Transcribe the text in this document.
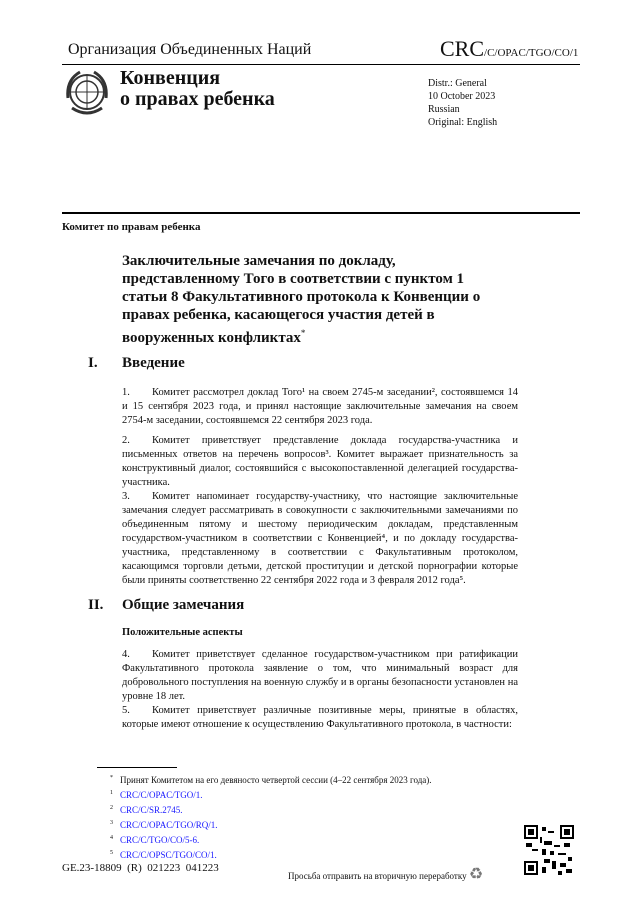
Организация Объединенных Наций	CRC/C/OPAC/TGO/CO/1
Конвенция
о правах ребенка
Distr.: General
10 October 2023
Russian
Original: English
Комитет по правам ребенка
Заключительные замечания по докладу, представленному Того в соответствии с пунктом 1 статьи 8 Факультативного протокола к Конвенции о правах ребенка, касающегося участия детей в вооруженных конфликтах*
I. Введение
1. Комитет рассмотрел доклад Того¹ на своем 2745-м заседании², состоявшемся 14 и 15 сентября 2023 года, и принял настоящие заключительные замечания на своем 2754-м заседании, состоявшемся 22 сентября 2023 года.
2. Комитет приветствует представление доклада государства-участника и письменных ответов на перечень вопросов³. Комитет выражает признательность за конструктивный диалог, состоявшийся с высокопоставленной делегацией государства-участника.
3. Комитет напоминает государству-участнику, что настоящие заключительные замечания следует рассматривать в совокупности с заключительными замечаниями по объединенным пятому и шестому периодическим докладам, представленным государством-участником в соответствии с Конвенцией⁴, и по докладу государства-участника, представленному в соответствии с Факультативным протоколом, касающимся торговли детьми, детской проституции и детской порнографии которые были приняты соответственно 22 сентября 2022 года и 3 февраля 2012 года⁵.
II. Общие замечания
Положительные аспекты
4. Комитет приветствует сделанное государством-участником при ратификации Факультативного протокола заявление о том, что минимальный возраст для добровольного поступления на военную службу и в органы безопасности установлен на уровне 18 лет.
5. Комитет приветствует различные позитивные меры, принятые в областях, которые имеют отношение к осуществлению Факультативного протокола, в частности:
* Принят Комитетом на его девяносто четвертой сессии (4–22 сентября 2023 года).
$^1$ CRC/C/OPAC/TGO/1.
$^2$ CRC/C/SR.2745.
$^3$ CRC/C/OPAC/TGO/RQ/1.
$^4$ CRC/C/TGO/CO/5-6.
$^5$ CRC/C/OPSC/TGO/CO/1.
GE.23-18809  (R)  021223  041223
Просьба отправить на вторичную переработку ♻
